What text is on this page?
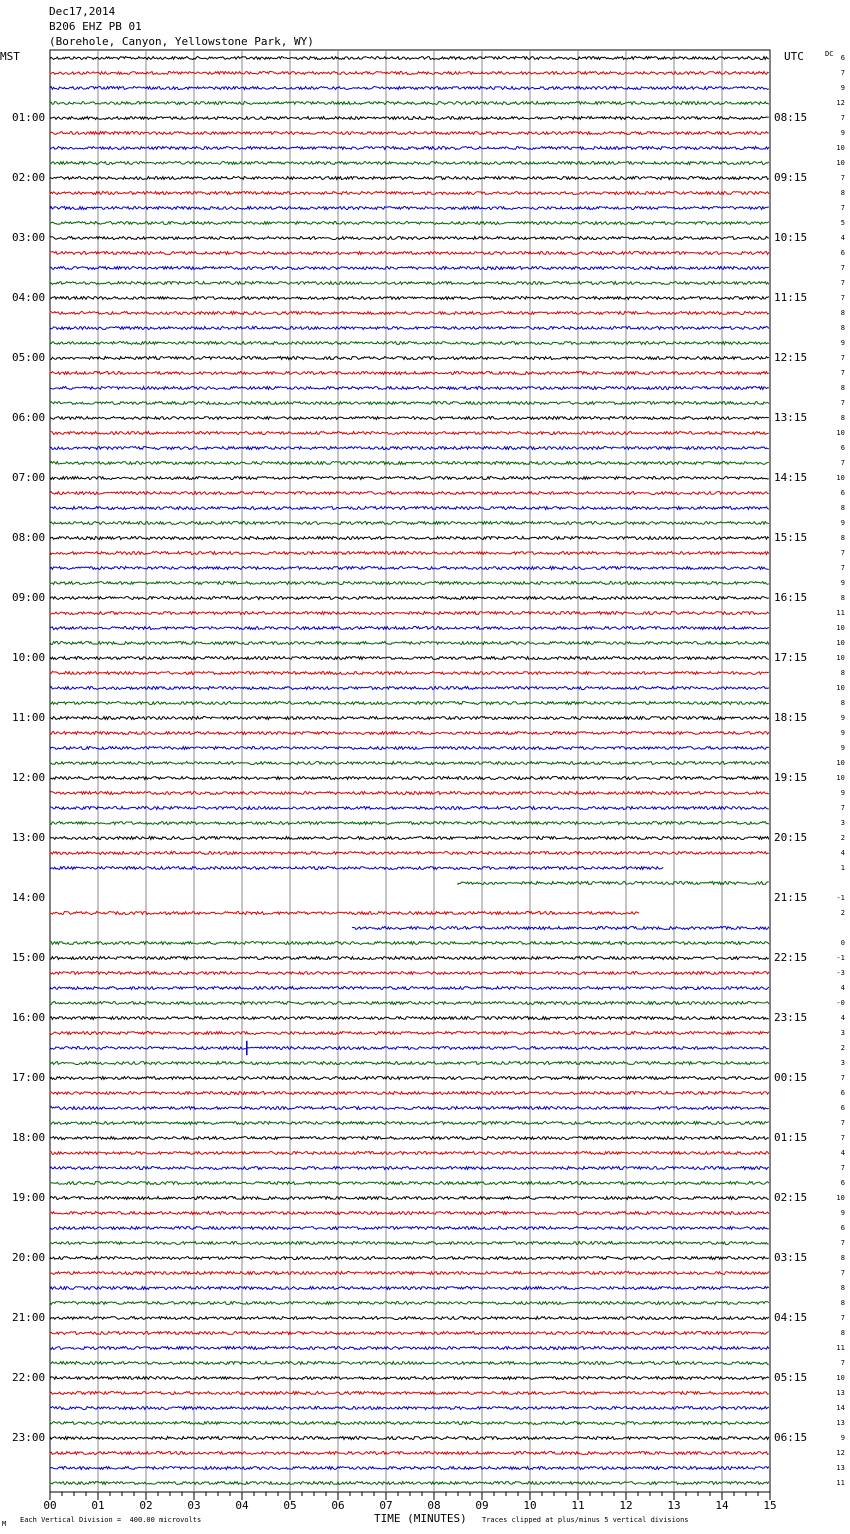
Dec17,2014
B206 EHZ PB 01
(Borehole, Canyon, Yellowstone Park, WY)
MST	UTC	DC
01:00
02:00
03:00
04:00
05:00
06:00
07:00
08:00
09:00
10:00
11:00
12:00
13:00
14:00
15:00
16:00
17:00
18:00
19:00
20:00
21:00
22:00
23:00
08:15
09:15
10:15
11:15
12:15
13:15
14:15
15:15
16:15
17:15
18:15
19:15
20:15
21:15
22:15
23:15
00:15
01:15
02:15
03:15
04:15
05:15
06:15
6
7
9
12
7
9
10
10
7
8
7
5
4
6
7
7
7
8
8
9
7
7
8
7
8
10
6
7
10
6
8
9
8
7
7
9
8
11
10
10
10
8
10
8
9
9
9
10
10
9
7
3
2
4
1
-1
2
0
-1
-3
4
-0
4
3
2
3
7
6
6
7
7
4
7
6
10
9
6
7
8
7
8
8
7
8
11
7
10
13
14
13
9
12
13
11
00	01	02	03	04	05	06	07	08	09	10	11	12	13	14	15
TIME (MINUTES)
Each Vertical Division =  400.00 microvolts	Traces clipped at plus/minus 5 vertical divisions
M
